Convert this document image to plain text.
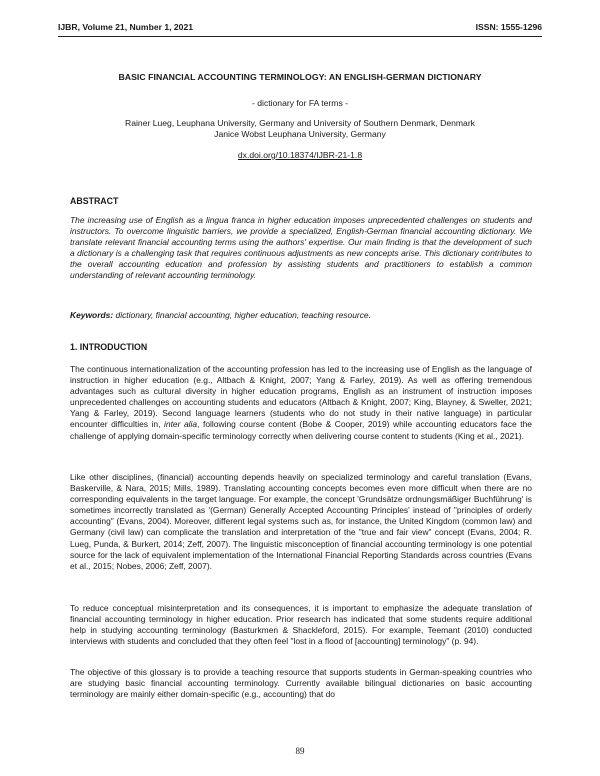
IJBR, Volume 21, Number 1, 2021	ISSN: 1555-1296
BASIC FINANCIAL ACCOUNTING TERMINOLOGY: AN ENGLISH-GERMAN DICTIONARY
- dictionary for FA terms -
Rainer Lueg, Leuphana University, Germany and University of Southern Denmark, Denmark
Janice Wobst Leuphana University, Germany
dx.doi.org/10.18374/IJBR-21-1.8
ABSTRACT
The increasing use of English as a lingua franca in higher education imposes unprecedented challenges on students and instructors. To overcome linguistic barriers, we provide a specialized, English-German financial accounting dictionary. We translate relevant financial accounting terms using the authors' expertise. Our main finding is that the development of such a dictionary is a challenging task that requires continuous adjustments as new concepts arise. This dictionary contributes to the overall accounting education and profession by assisting students and practitioners to establish a common understanding of relevant accounting terminology.
Keywords: dictionary, financial accounting, higher education, teaching resource.
1. INTRODUCTION
The continuous internationalization of the accounting profession has led to the increasing use of English as the language of instruction in higher education (e.g., Altbach & Knight, 2007; Yang & Farley, 2019). As well as offering tremendous advantages such as cultural diversity in higher education programs, English as an instrument of instruction imposes unprecedented challenges on accounting students and educators (Altbach & Knight, 2007; King, Blayney, & Sweller, 2021; Yang & Farley, 2019). Second language learners (students who do not study in their native language) in particular encounter difficulties in, inter alia, following course content (Bobe & Cooper, 2019) while accounting educators face the challenge of applying domain-specific terminology correctly when delivering course content to students (King et al., 2021).
Like other disciplines, (financial) accounting depends heavily on specialized terminology and careful translation (Evans, Baskerville, & Nara, 2015; Mills, 1989). Translating accounting concepts becomes even more difficult when there are no corresponding equivalents in the target language. For example, the concept 'Grundsätze ordnungsmäßiger Buchführung' is sometimes incorrectly translated as '(German) Generally Accepted Accounting Principles' instead of "principles of orderly accounting" (Evans, 2004). Moreover, different legal systems such as, for instance, the United Kingdom (common law) and Germany (civil law) can complicate the translation and interpretation of the "true and fair view" concept (Evans, 2004; R. Lueg, Punda, & Burkert, 2014; Zeff, 2007). The linguistic misconception of financial accounting terminology is one potential source for the lack of equivalent implementation of the International Financial Reporting Standards across countries (Evans et al., 2015; Nobes, 2006; Zeff, 2007).
To reduce conceptual misinterpretation and its consequences, it is important to emphasize the adequate translation of financial accounting terminology in higher education. Prior research has indicated that some students require additional help in studying accounting terminology (Basturkmen & Shackleford, 2015). For example, Teemant (2010) conducted interviews with students and concluded that they often feel "lost in a flood of [accounting] terminology" (p. 94).
The objective of this glossary is to provide a teaching resource that supports students in German-speaking countries who are studying basic financial accounting terminology. Currently available bilingual dictionaries on basic accounting terminology are mainly either domain-specific (e.g., accounting) that do
89
